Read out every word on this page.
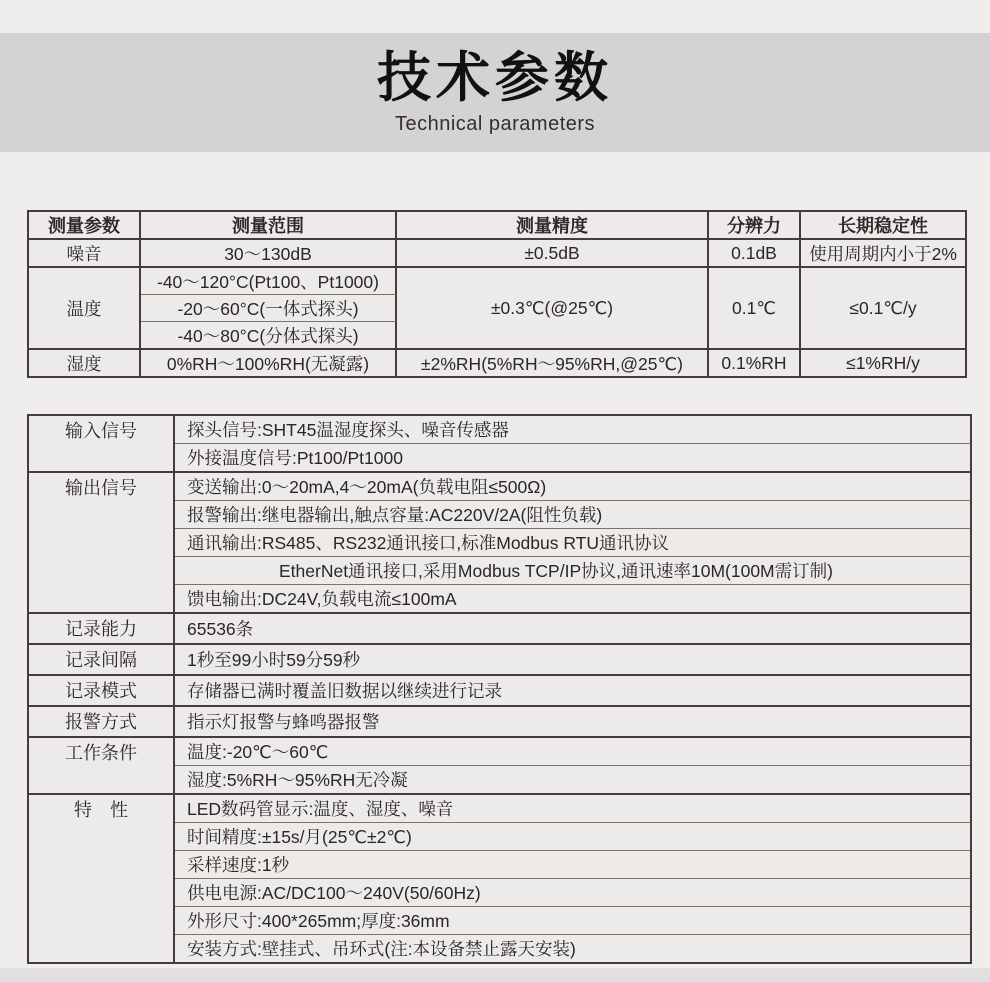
技术参数
Technical parameters
测量参数	测量范围	测量精度	分辨力	长期稳定性
噪音	30～130dB	±0.5dB	0.1dB	使用周期内小于2%
温度	-40～120°C(Pt100、Pt1000)	±0.3℃(@25℃)	0.1℃	≤0.1℃/y
	-20～60°C(一体式探头)			
	-40～80°C(分体式探头)			
湿度	0%RH～100%RH(无凝露)	±2%RH(5%RH～95%RH,@25℃)	0.1%RH	≤1%RH/y
输入信号	探头信号:SHT45温湿度探头、噪音传感器
	外接温度信号:Pt100/Pt1000
输出信号	变送输出:0～20mA,4～20mA(负载电阻≤500Ω)
	报警输出:继电器输出,触点容量:AC220V/2A(阻性负载)
	通讯输出:RS485、RS232通讯接口,标准Modbus RTU通讯协议
	EtherNet通讯接口,采用Modbus TCP/IP协议,通讯速率10M(100M需订制)
	馈电输出:DC24V,负载电流≤100mA
记录能力	65536条
记录间隔	1秒至99小时59分59秒
记录模式	存储器已满时覆盖旧数据以继续进行记录
报警方式	指示灯报警与蜂鸣器报警
工作条件	温度:-20℃～60℃
	湿度:5%RH～95%RH无冷凝
特　性	LED数码管显示:温度、湿度、噪音
	时间精度:±15s/月(25℃±2℃)
	采样速度:1秒
	供电电源:AC/DC100～240V(50/60Hz)
	外形尺寸:400*265mm;厚度:36mm
	安装方式:壁挂式、吊环式(注:本设备禁止露天安装)
